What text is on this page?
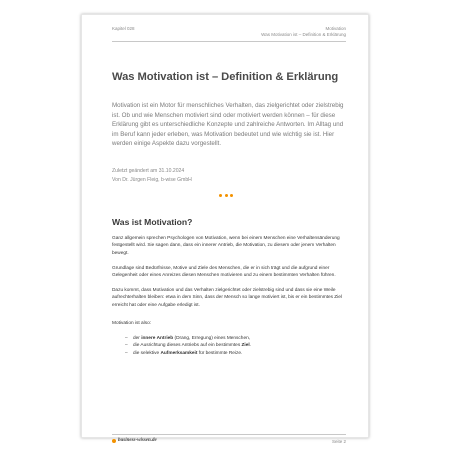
Kapitel 028	Motivation
Was Motivation ist – Definition & Erklärung
Was Motivation ist – Definition & Erklärung
Motivation ist ein Motor für menschliches Verhalten, das zielgerichtet oder zielstrebig ist. Ob und wie Menschen motiviert sind oder motiviert werden können – für diese Erklärung gibt es unterschiedliche Konzepte und zahlreiche Antworten. Im Alltag und im Beruf kann jeder erleben, was Motivation bedeutet und wie wichtig sie ist. Hier werden einige Aspekte dazu vorgestellt.
Zuletzt geändert am 31.10.2024
Von Dr. Jürgen Fleig, b-wise GmbH
Was ist Motivation?

Ganz allgemein sprechen Psychologen von Motivation, wenn bei einem Menschen eine Verhaltensänderung festgestellt wird. Sie sagen dann, dass ein innerer Antrieb, die Motivation, zu diesem oder jenem Verhalten bewegt.

Grundlage sind Bedürfnisse, Motive und Ziele des Menschen, die er in sich trägt und die aufgrund einer Gelegenheit oder eines Anreizes diesen Menschen motivieren und zu einem bestimmten Verhalten führen.

Dazu kommt, dass Motivation und das Verhalten zielgerichtet oder zielstrebig sind und dass sie eine Weile aufrechterhalten bleiben: etwa in dem Sinn, dass der Mensch so lange motiviert ist, bis er ein bestimmtes Ziel erreicht hat oder eine Aufgabe erledigt ist.

Motivation ist also:

– der innere Antrieb (Drang, Erregung) eines Menschen,
– die Ausrichtung dieses Antriebs auf ein bestimmtes Ziel.
– die selektive Aufmerksamkeit für bestimmte Reize.
business-wissen.de	Seite 2
